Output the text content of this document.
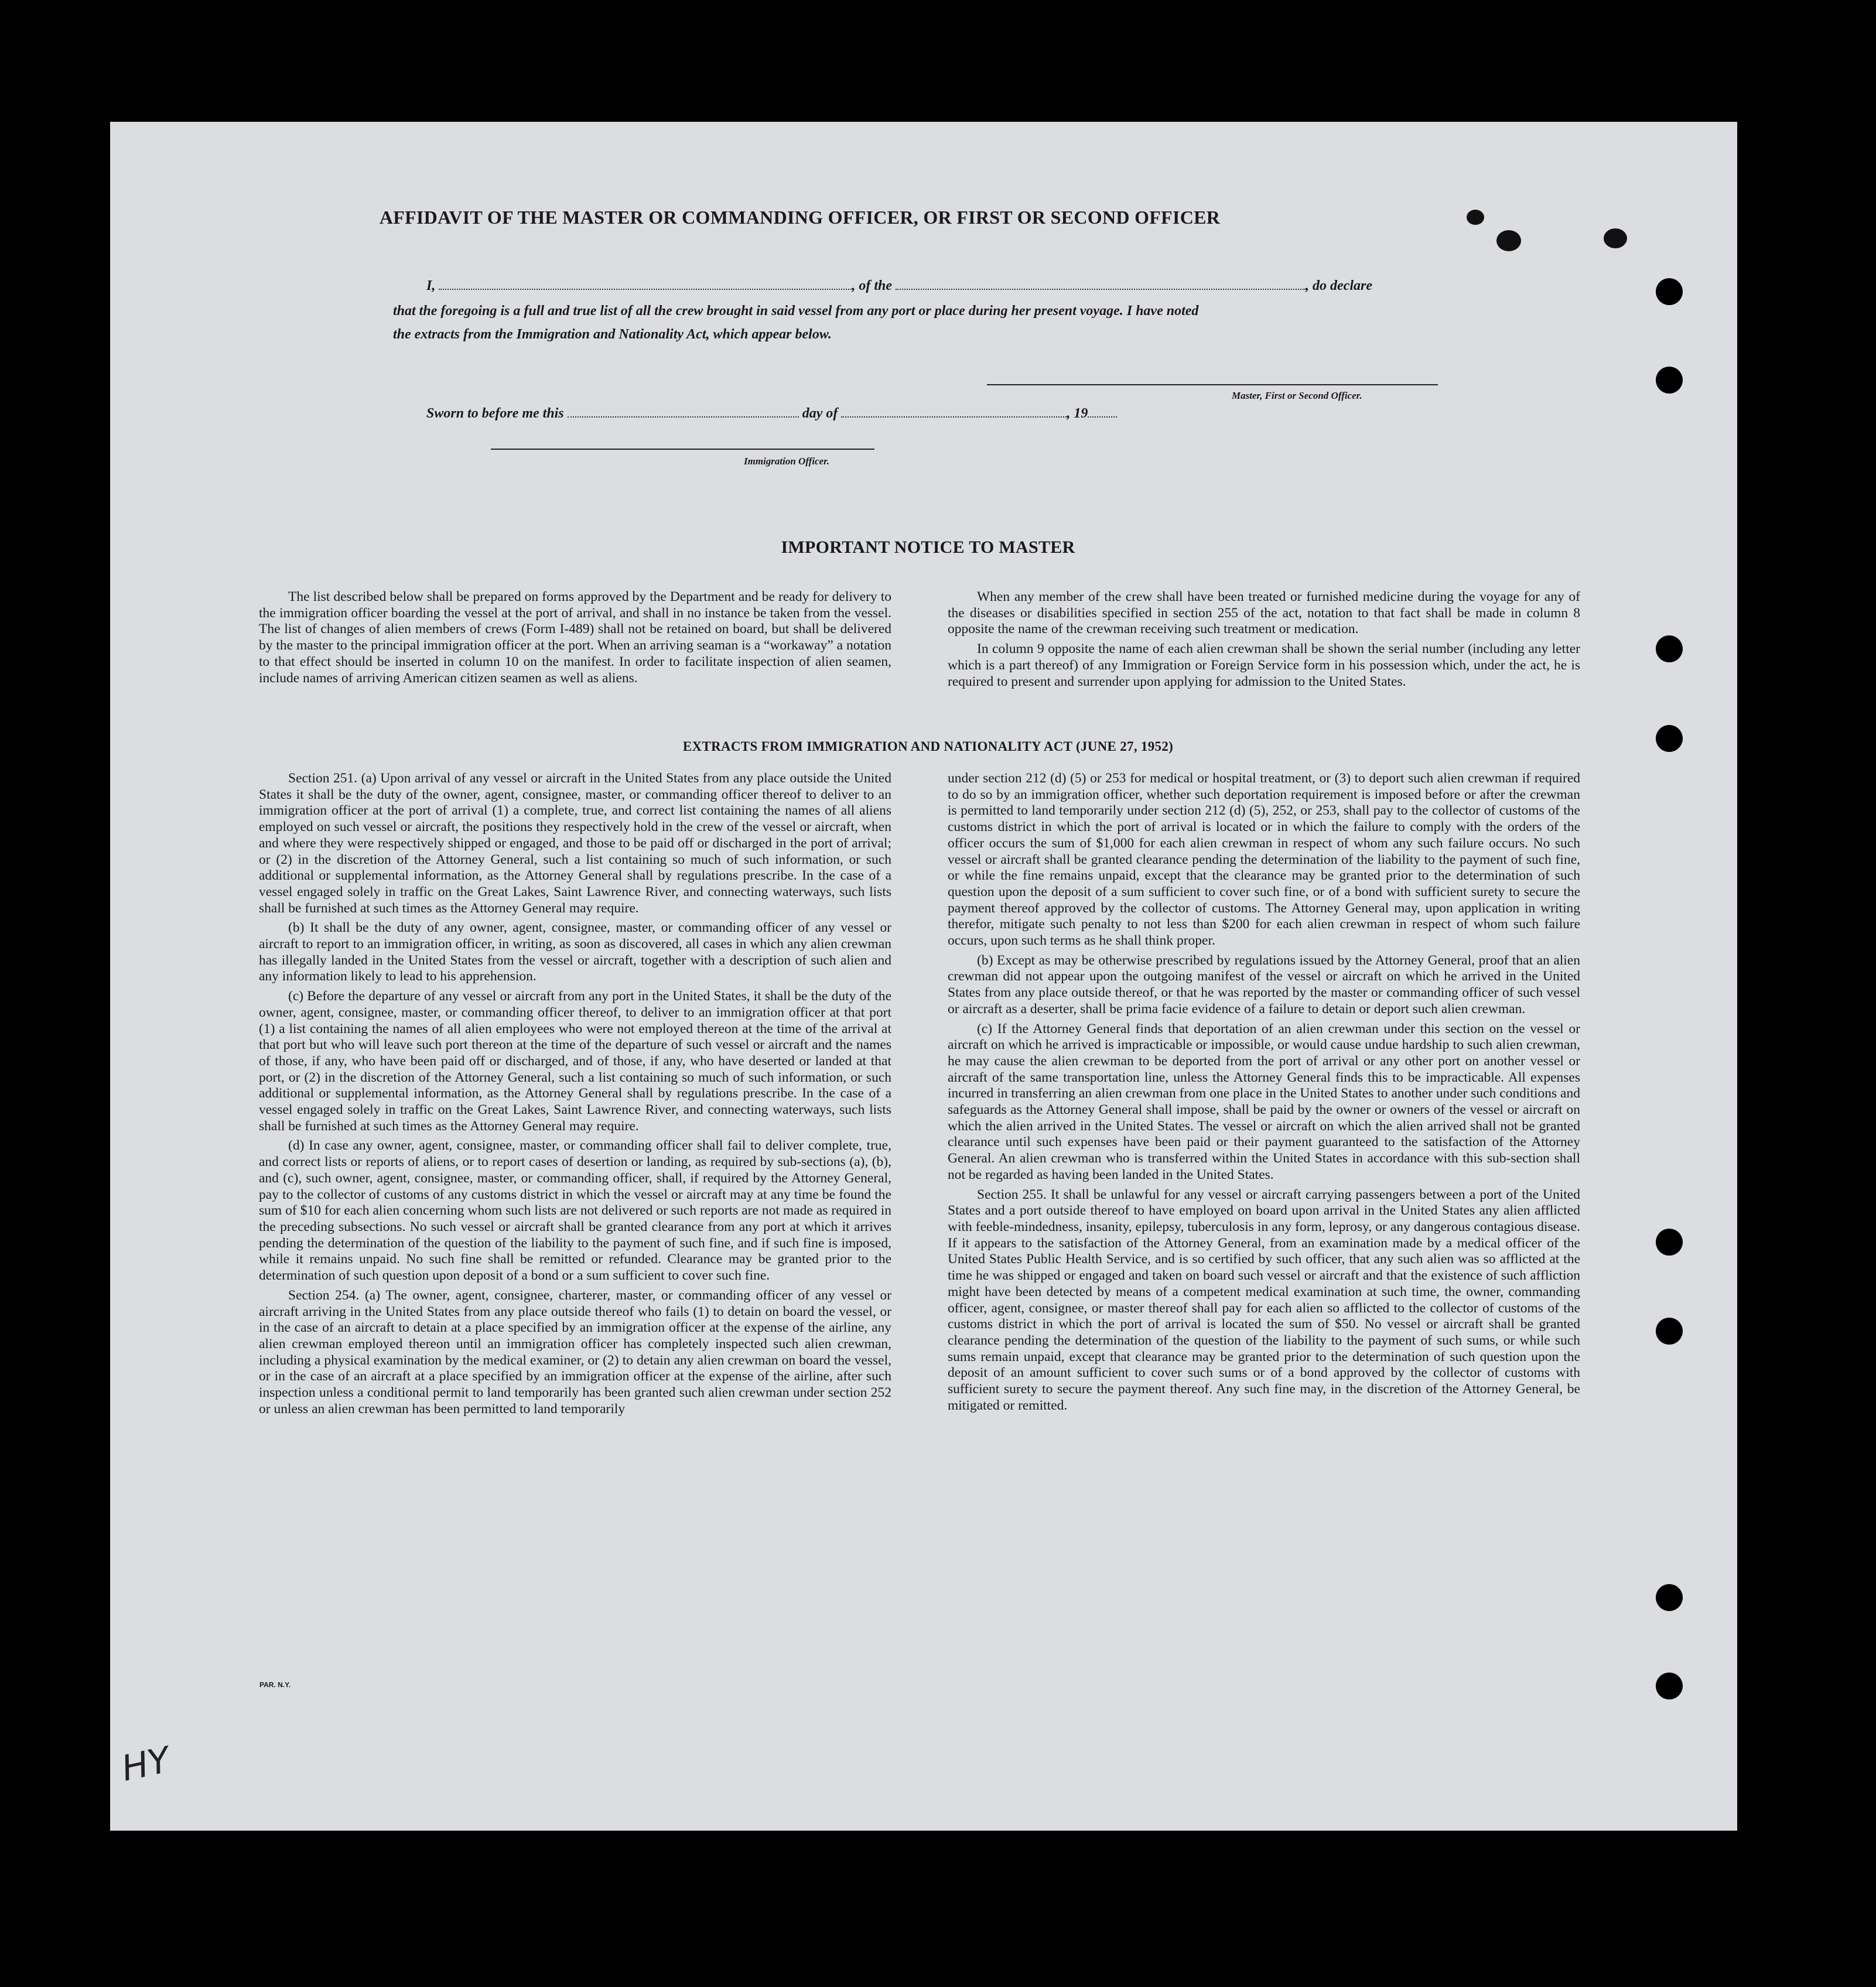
AFFIDAVIT OF THE MASTER OR COMMANDING OFFICER, OR FIRST OR SECOND OFFICER
I,	, of the	, do declare
that the foregoing is a full and true list of all the crew brought in said vessel from any port or place during her present voyage. I have noted
the extracts from the Immigration and Nationality Act, which appear below.
Master, First or Second Officer.
Sworn to before me this	day of	, 19
Immigration Officer.
IMPORTANT NOTICE TO MASTER

The list described below shall be prepared on forms approved by the Department and be ready for delivery to the immigration officer boarding the vessel at the port of arrival, and shall in no instance be taken from the vessel. The list of changes of alien members of crews (Form I-489) shall not be retained on board, but shall be delivered by the master to the principal immigration officer at the port. When an arriving seaman is a “workaway” a notation to that effect should be inserted in column 10 on the manifest. In order to facilitate inspection of alien seamen, include names of arriving American citizen seamen as well as aliens.

When any member of the crew shall have been treated or furnished medicine during the voyage for any of the diseases or disabilities specified in section 255 of the act, notation to that fact shall be made in column 8 opposite the name of the crewman receiving such treatment or medication.

In column 9 opposite the name of each alien crewman shall be shown the serial number (including any letter which is a part thereof) of any Immigration or Foreign Service form in his possession which, under the act, he is required to present and surrender upon applying for admission to the United States.

EXTRACTS FROM IMMIGRATION AND NATIONALITY ACT (JUNE 27, 1952)

Section 251. (a) Upon arrival of any vessel or aircraft in the United States from any place outside the United States it shall be the duty of the owner, agent, consignee, master, or commanding officer thereof to deliver to an immigration officer at the port of arrival (1) a complete, true, and correct list containing the names of all aliens employed on such vessel or aircraft, the positions they respectively hold in the crew of the vessel or aircraft, when and where they were respectively shipped or engaged, and those to be paid off or discharged in the port of arrival; or (2) in the discretion of the Attorney General, such a list containing so much of such information, or such additional or supplemental information, as the Attorney General shall by regulations prescribe. In the case of a vessel engaged solely in traffic on the Great Lakes, Saint Lawrence River, and connecting waterways, such lists shall be furnished at such times as the Attorney General may require.

(b) It shall be the duty of any owner, agent, consignee, master, or commanding officer of any vessel or aircraft to report to an immigration officer, in writing, as soon as discovered, all cases in which any alien crewman has illegally landed in the United States from the vessel or aircraft, together with a description of such alien and any information likely to lead to his apprehension.

(c) Before the departure of any vessel or aircraft from any port in the United States, it shall be the duty of the owner, agent, consignee, master, or commanding officer thereof, to deliver to an immigration officer at that port (1) a list containing the names of all alien employees who were not employed thereon at the time of the arrival at that port but who will leave such port thereon at the time of the departure of such vessel or aircraft and the names of those, if any, who have been paid off or discharged, and of those, if any, who have deserted or landed at that port, or (2) in the discretion of the Attorney General, such a list containing so much of such information, or such additional or supplemental information, as the Attorney General shall by regulations prescribe. In the case of a vessel engaged solely in traffic on the Great Lakes, Saint Lawrence River, and connecting waterways, such lists shall be furnished at such times as the Attorney General may require.

(d) In case any owner, agent, consignee, master, or commanding officer shall fail to deliver complete, true, and correct lists or reports of aliens, or to report cases of desertion or landing, as required by sub-sections (a), (b), and (c), such owner, agent, consignee, master, or commanding officer, shall, if required by the Attorney General, pay to the collector of customs of any customs district in which the vessel or aircraft may at any time be found the sum of $10 for each alien concerning whom such lists are not delivered or such reports are not made as required in the preceding subsections. No such vessel or aircraft shall be granted clearance from any port at which it arrives pending the determination of the question of the liability to the payment of such fine, and if such fine is imposed, while it remains unpaid. No such fine shall be remitted or refunded. Clearance may be granted prior to the determination of such question upon deposit of a bond or a sum sufficient to cover such fine.

Section 254. (a) The owner, agent, consignee, charterer, master, or commanding officer of any vessel or aircraft arriving in the United States from any place outside thereof who fails (1) to detain on board the vessel, or in the case of an aircraft to detain at a place specified by an immigration officer at the expense of the airline, any alien crewman employed thereon until an immigration officer has completely inspected such alien crewman, including a physical examination by the medical examiner, or (2) to detain any alien crewman on board the vessel, or in the case of an aircraft at a place specified by an immigration officer at the expense of the airline, after such inspection unless a conditional permit to land temporarily has been granted such alien crewman under section 252 or unless an alien crewman has been permitted to land temporarily

under section 212 (d) (5) or 253 for medical or hospital treatment, or (3) to deport such alien crewman if required to do so by an immigration officer, whether such deportation requirement is imposed before or after the crewman is permitted to land temporarily under section 212 (d) (5), 252, or 253, shall pay to the collector of customs of the customs district in which the port of arrival is located or in which the failure to comply with the orders of the officer occurs the sum of $1,000 for each alien crewman in respect of whom any such failure occurs. No such vessel or aircraft shall be granted clearance pending the determination of the liability to the payment of such fine, or while the fine remains unpaid, except that the clearance may be granted prior to the determination of such question upon the deposit of a sum sufficient to cover such fine, or of a bond with sufficient surety to secure the payment thereof approved by the collector of customs. The Attorney General may, upon application in writing therefor, mitigate such penalty to not less than $200 for each alien crewman in respect of whom such failure occurs, upon such terms as he shall think proper.

(b) Except as may be otherwise prescribed by regulations issued by the Attorney General, proof that an alien crewman did not appear upon the outgoing manifest of the vessel or aircraft on which he arrived in the United States from any place outside thereof, or that he was reported by the master or commanding officer of such vessel or aircraft as a deserter, shall be prima facie evidence of a failure to detain or deport such alien crewman.

(c) If the Attorney General finds that deportation of an alien crewman under this section on the vessel or aircraft on which he arrived is impracticable or impossible, or would cause undue hardship to such alien crewman, he may cause the alien crewman to be deported from the port of arrival or any other port on another vessel or aircraft of the same transportation line, unless the Attorney General finds this to be impracticable. All expenses incurred in transferring an alien crewman from one place in the United States to another under such conditions and safeguards as the Attorney General shall impose, shall be paid by the owner or owners of the vessel or aircraft on which the alien arrived in the United States. The vessel or aircraft on which the alien arrived shall not be granted clearance until such expenses have been paid or their payment guaranteed to the satisfaction of the Attorney General. An alien crewman who is transferred within the United States in accordance with this sub-section shall not be regarded as having been landed in the United States.

Section 255. It shall be unlawful for any vessel or aircraft carrying passengers between a port of the United States and a port outside thereof to have employed on board upon arrival in the United States any alien afflicted with feeble-mindedness, insanity, epilepsy, tuberculosis in any form, leprosy, or any dangerous contagious disease. If it appears to the satisfaction of the Attorney General, from an examination made by a medical officer of the United States Public Health Service, and is so certified by such officer, that any such alien was so afflicted at the time he was shipped or engaged and taken on board such vessel or aircraft and that the existence of such affliction might have been detected by means of a competent medical examination at such time, the owner, commanding officer, agent, consignee, or master thereof shall pay for each alien so afflicted to the collector of customs of the customs district in which the port of arrival is located the sum of $50. No vessel or aircraft shall be granted clearance pending the determination of the question of the liability to the payment of such sums, or while such sums remain unpaid, except that clearance may be granted prior to the determination of such question upon the deposit of an amount sufficient to cover such sums or of a bond approved by the collector of customs with sufficient surety to secure the payment thereof. Any such fine may, in the discretion of the Attorney General, be mitigated or remitted.

PAR. N.Y.
HY
